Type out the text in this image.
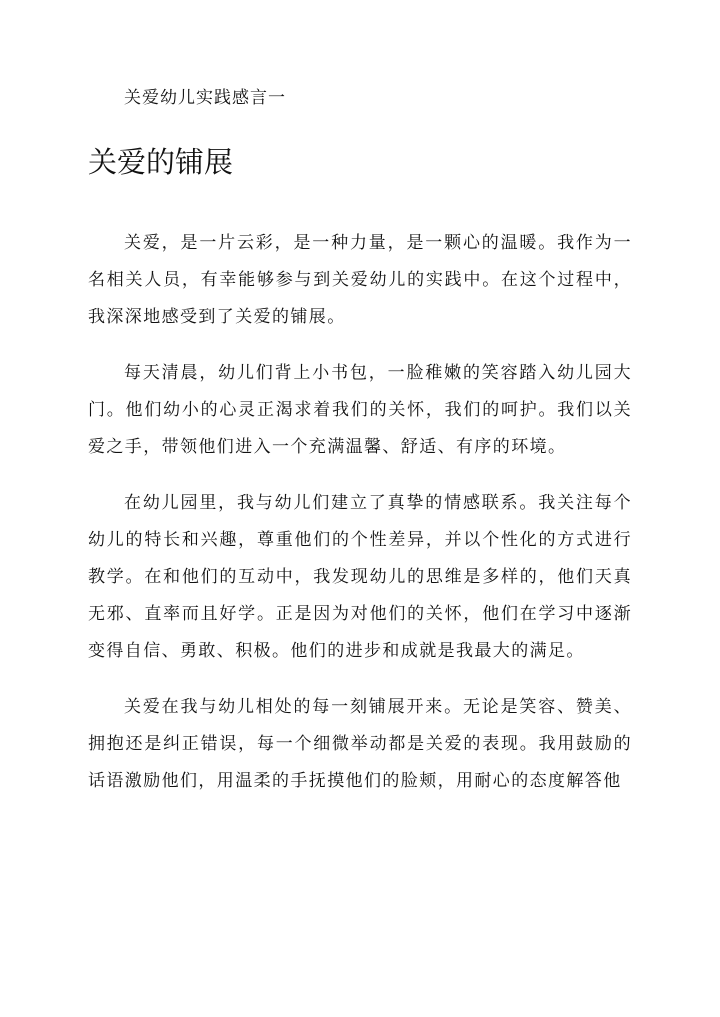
关爱幼儿实践感言一
关爱的铺展

关爱，是一片云彩，是一种力量，是一颗心的温暖。我作为一名相关人员，有幸能够参与到关爱幼儿的实践中。在这个过程中，我深深地感受到了关爱的铺展。

每天清晨，幼儿们背上小书包，一脸稚嫩的笑容踏入幼儿园大门。他们幼小的心灵正渴求着我们的关怀，我们的呵护。我们以关爱之手，带领他们进入一个充满温馨、舒适、有序的环境。

在幼儿园里，我与幼儿们建立了真挚的情感联系。我关注每个幼儿的特长和兴趣，尊重他们的个性差异，并以个性化的方式进行教学。在和他们的互动中，我发现幼儿的思维是多样的，他们天真无邪、直率而且好学。正是因为对他们的关怀，他们在学习中逐渐变得自信、勇敢、积极。他们的进步和成就是我最大的满足。

关爱在我与幼儿相处的每一刻铺展开来。无论是笑容、赞美、拥抱还是纠正错误，每一个细微举动都是关爱的表现。我用鼓励的话语激励他们，用温柔的手抚摸他们的脸颊，用耐心的态度解答他
